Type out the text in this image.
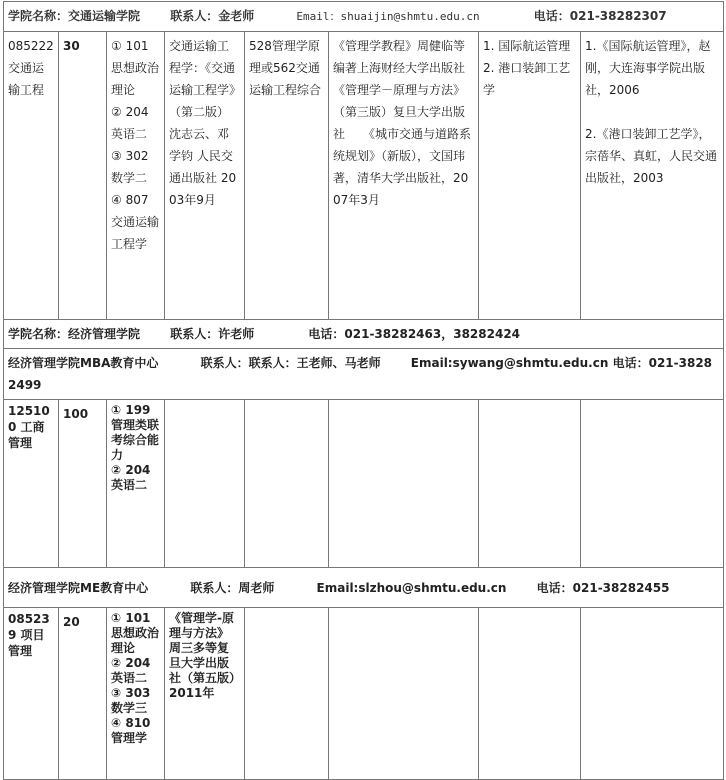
学院名称：交通运输学院 联系人：金老师 Email：shuaijin@shmtu.edu.cn 电话：021-38282307							
085222 交通运输工程	30	① 101 思想政治理论
② 204 英语二
③ 302 数学二
④ 807 交通运输工程学	交通运输工程学：《交通运输工程学》（第二版）沈志云、邓学钧 人民交通出版社 2003年9月	528管理学原理或562交通运输工程综合	《管理学教程》周健临等编著上海财经大学出版社
《管理学－原理与方法》（第三版）复旦大学出版社　　《城市交通与道路系统规划》（新版），文国玮著，清华大学出版社，2007年3月	1. 国际航运管理
2. 港口装卸工艺学	1.《国际航运管理》，赵刚，大连海事学院出版社，2006
2.《港口装卸工艺学》，宗蓓华、真虹，人民交通出版社，2003

学院名称：经济管理学院 联系人：许老师 电话：021-38282463，38282424							
经济管理学院MBA教育中心 联系人：联系人：王老师、马老师 Email:sywang@shmtu.edu.cn 电话：021-38282499							
125100 工商管理	100	① 199 管理类联考综合能力
② 204 英语二					

经济管理学院ME教育中心 联系人：周老师 Email:slzhou@shmtu.edu.cn 电话：021-38282455							
085239 项目管理	20	① 101 思想政治理论
② 204 英语二
③ 303 数学三
④ 810 管理学	《管理学-原理与方法》周三多等复旦大学出版社（第五版）2011年				
